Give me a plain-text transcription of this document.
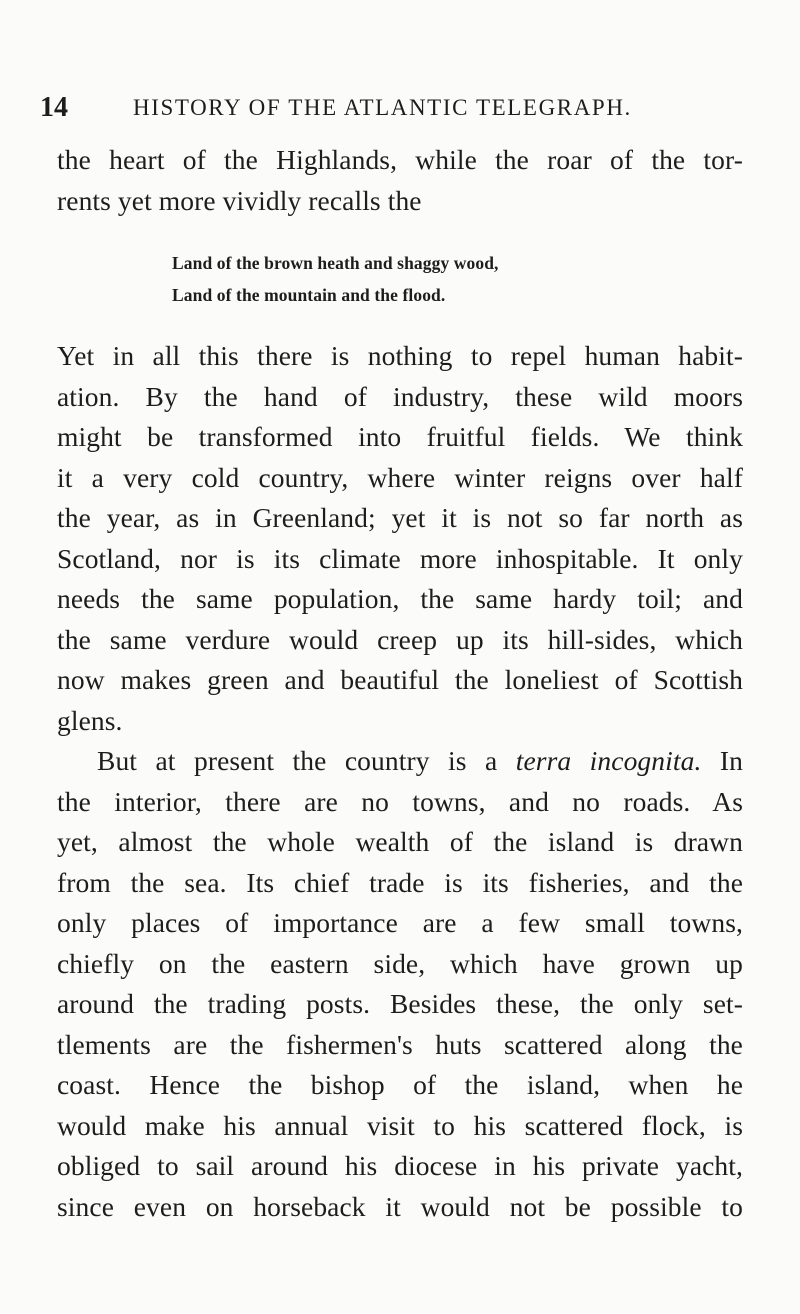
14	HISTORY OF THE ATLANTIC TELEGRAPH.
the heart of the Highlands, while the roar of the tor-
rents yet more vividly recalls the
Land of the brown heath and shaggy wood,
Land of the mountain and the flood.
Yet in all this there is nothing to repel human habit-
ation. By the hand of industry, these wild moors
might be transformed into fruitful fields. We think
it a very cold country, where winter reigns over half
the year, as in Greenland; yet it is not so far north as
Scotland, nor is its climate more inhospitable. It only
needs the same population, the same hardy toil; and
the same verdure would creep up its hill-sides, which
now makes green and beautiful the loneliest of Scottish
glens.
But at present the country is a terra incognita. In
the interior, there are no towns, and no roads. As
yet, almost the whole wealth of the island is drawn
from the sea. Its chief trade is its fisheries, and the
only places of importance are a few small towns,
chiefly on the eastern side, which have grown up
around the trading posts. Besides these, the only set-
tlements are the fishermen's huts scattered along the
coast. Hence the bishop of the island, when he
would make his annual visit to his scattered flock, is
obliged to sail around his diocese in his private yacht,
since even on horseback it would not be possible to
